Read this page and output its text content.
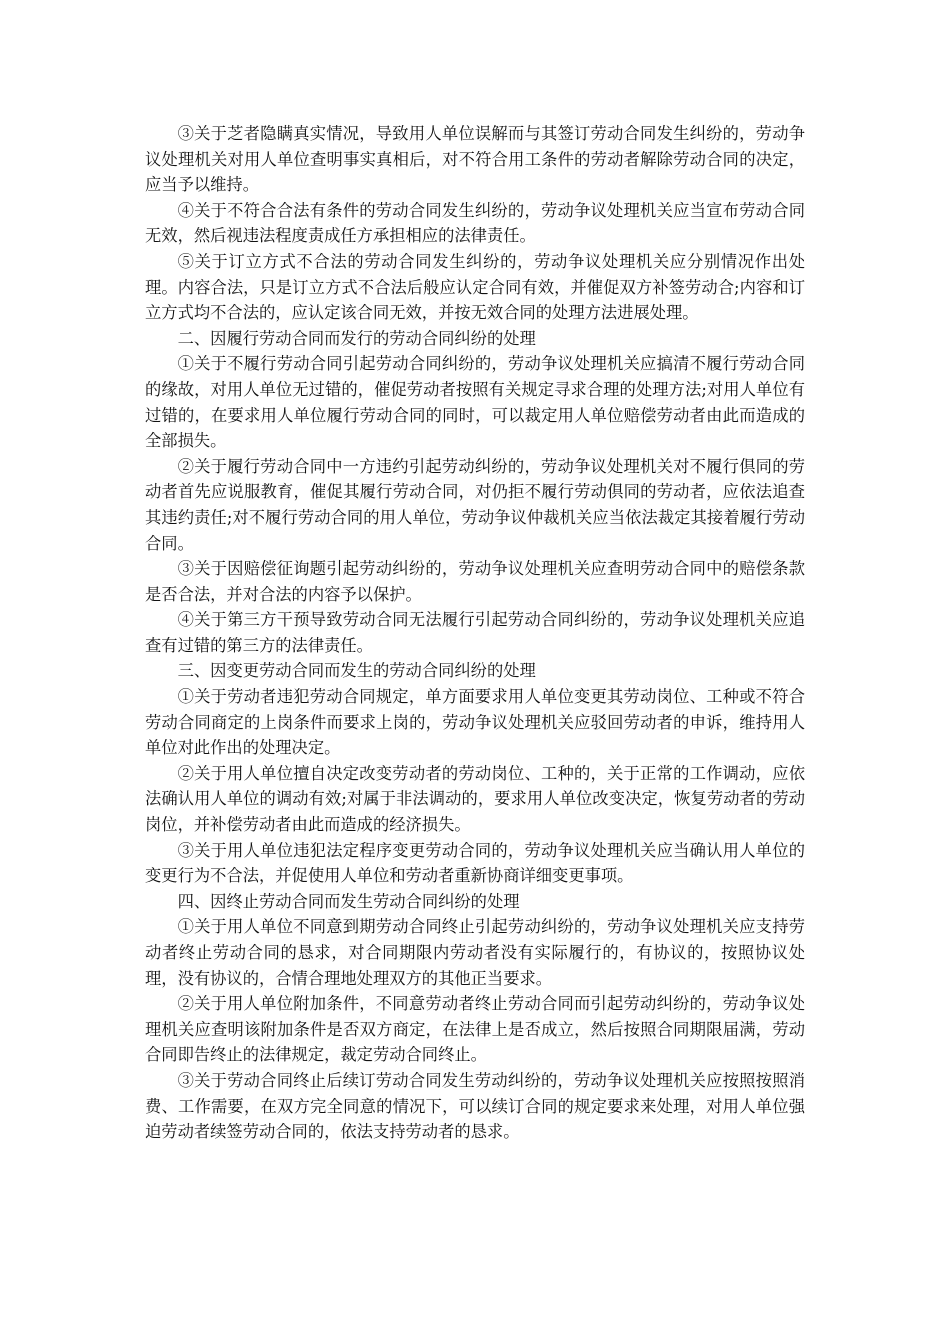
③关于芝者隐瞒真实情况，导致用人单位误解而与其签订劳动合同发生纠纷的，劳动争议处理机关对用人单位查明事实真相后，对不符合用工条件的劳动者解除劳动合同的决定，应当予以维持。

④关于不符合合法有条件的劳动合同发生纠纷的，劳动争议处理机关应当宣布劳动合同无效，然后视违法程度责成任方承担相应的法律责任。

⑤关于订立方式不合法的劳动合同发生纠纷的，劳动争议处理机关应分别情况作出处理。内容合法，只是订立方式不合法后般应认定合同有效，并催促双方补签劳动合;内容和订立方式均不合法的，应认定该合同无效，并按无效合同的处理方法进展处理。

二、因履行劳动合同而发行的劳动合同纠纷的处理

①关于不履行劳动合同引起劳动合同纠纷的，劳动争议处理机关应搞清不履行劳动合同的缘故，对用人单位无过错的，催促劳动者按照有关规定寻求合理的处理方法;对用人单位有过错的，在要求用人单位履行劳动合同的同时，可以裁定用人单位赔偿劳动者由此而造成的全部损失。

②关于履行劳动合同中一方违约引起劳动纠纷的，劳动争议处理机关对不履行倶同的劳动者首先应说服教育，催促其履行劳动合同，对仍拒不履行劳动倶同的劳动者，应依法追查其违约责任;对不履行劳动合同的用人单位，劳动争议仲裁机关应当依法裁定其接着履行劳动合同。

③关于因赔偿征询题引起劳动纠纷的，劳动争议处理机关应查明劳动合同中的赔偿条款是否合法，并对合法的内容予以保护。

④关于第三方干预导致劳动合同无法履行引起劳动合同纠纷的，劳动争议处理机关应追查有过错的第三方的法律责任。

三、因变更劳动合同而发生的劳动合同纠纷的处理

①关于劳动者违犯劳动合同规定，单方面要求用人单位变更其劳动岗位、工种或不符合劳动合同商定的上岗条件而要求上岗的，劳动争议处理机关应驳回劳动者的申诉，维持用人单位对此作出的处理决定。

②关于用人单位擅自决定改变劳动者的劳动岗位、工种的，关于正常的工作调动，应依法确认用人单位的调动有效;对属于非法调动的，要求用人单位改变决定，恢复劳动者的劳动岗位，并补偿劳动者由此而造成的经济损失。

③关于用人单位违犯法定程序变更劳动合同的，劳动争议处理机关应当确认用人单位的变更行为不合法，并促使用人单位和劳动者重新协商详细变更事项。

四、因终止劳动合同而发生劳动合同纠纷的处理

①关于用人单位不同意到期劳动合同终止引起劳动纠纷的，劳动争议处理机关应支持劳动者终止劳动合同的恳求，对合同期限内劳动者没有实际履行的，有协议的，按照协议处理，没有协议的，合情合理地处理双方的其他正当要求。

②关于用人单位附加条件，不同意劳动者终止劳动合同而引起劳动纠纷的，劳动争议处理机关应查明该附加条件是否双方商定，在法律上是否成立，然后按照合同期限届满，劳动合同即告终止的法律规定，裁定劳动合同终止。

③关于劳动合同终止后续订劳动合同发生劳动纠纷的，劳动争议处理机关应按照按照消费、工作需要，在双方完全同意的情况下，可以续订合同的规定要求来处理，对用人单位强迫劳动者续签劳动合同的，依法支持劳动者的恳求。
